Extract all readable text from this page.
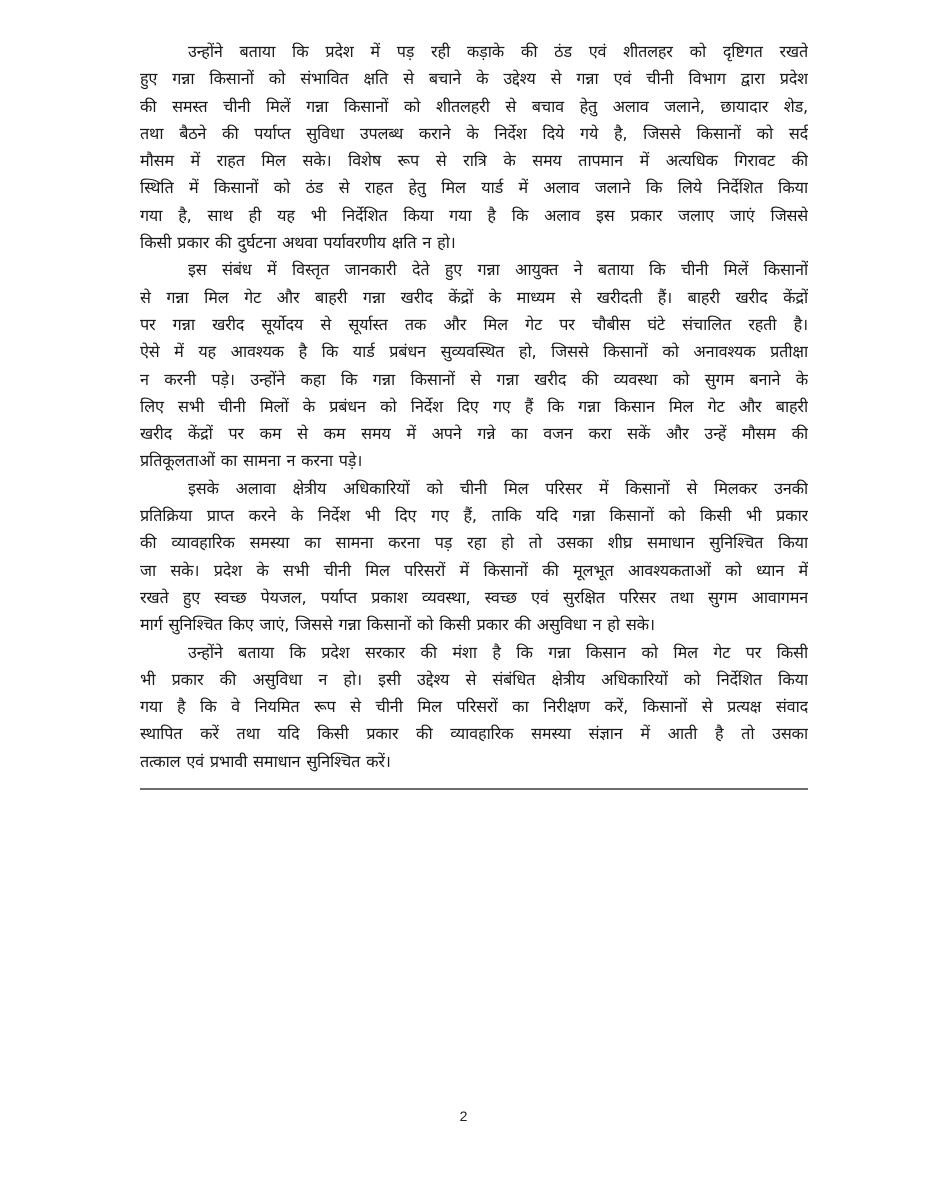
उन्होंने बताया कि प्रदेश में पड़ रही कड़ाके की ठंड एवं शीतलहर को दृष्टिगत रखते
हुए गन्ना किसानों को संभावित क्षति से बचाने के उद्देश्य से गन्ना एवं चीनी विभाग द्वारा प्रदेश
की समस्त चीनी मिलें गन्ना किसानों को शीतलहरी से बचाव हेतु अलाव जलाने, छायादार शेड,
तथा बैठने की पर्याप्त सुविधा उपलब्ध कराने के निर्देश दिये गये है, जिससे किसानों को सर्द
मौसम में राहत मिल सके। विशेष रूप से रात्रि के समय तापमान में अत्यधिक गिरावट की
स्थिति में किसानों को ठंड से राहत हेतु मिल यार्ड में अलाव जलाने कि लिये निर्देशित किया
गया है, साथ ही यह भी निर्देशित किया गया है कि अलाव इस प्रकार जलाए जाएं जिससे
किसी प्रकार की दुर्घटना अथवा पर्यावरणीय क्षति न हो।
इस संबंध में विस्तृत जानकारी देते हुए गन्ना आयुक्त ने बताया कि चीनी मिलें किसानों
से गन्ना मिल गेट और बाहरी गन्ना खरीद केंद्रों के माध्यम से खरीदती हैं। बाहरी खरीद केंद्रों
पर गन्ना खरीद सूर्योदय से सूर्यास्त तक और मिल गेट पर चौबीस घंटे संचालित रहती है।
ऐसे में यह आवश्यक है कि यार्ड प्रबंधन सुव्यवस्थित हो, जिससे किसानों को अनावश्यक प्रतीक्षा
न करनी पड़े। उन्होंने कहा कि गन्ना किसानों से गन्ना खरीद की व्यवस्था को सुगम बनाने के
लिए सभी चीनी मिलों के प्रबंधन को निर्देश दिए गए हैं कि गन्ना किसान मिल गेट और बाहरी
खरीद केंद्रों पर कम से कम समय में अपने गन्ने का वजन करा सकें और उन्हें मौसम की
प्रतिकूलताओं का सामना न करना पड़े।
इसके अलावा क्षेत्रीय अधिकारियों को चीनी मिल परिसर में किसानों से मिलकर उनकी
प्रतिक्रिया प्राप्त करने के निर्देश भी दिए गए हैं, ताकि यदि गन्ना किसानों को किसी भी प्रकार
की व्यावहारिक समस्या का सामना करना पड़ रहा हो तो उसका शीघ्र समाधान सुनिश्चित किया
जा सके। प्रदेश के सभी चीनी मिल परिसरों में किसानों की मूलभूत आवश्यकताओं को ध्यान में
रखते हुए स्वच्छ पेयजल, पर्याप्त प्रकाश व्यवस्था, स्वच्छ एवं सुरक्षित परिसर तथा सुगम आवागमन
मार्ग सुनिश्चित किए जाएं, जिससे गन्ना किसानों को किसी प्रकार की असुविधा न हो सके।
उन्होंने बताया कि प्रदेश सरकार की मंशा है कि गन्ना किसान को मिल गेट पर किसी
भी प्रकार की असुविधा न हो। इसी उद्देश्य से संबंधित क्षेत्रीय अधिकारियों को निर्देशित किया
गया है कि वे नियमित रूप से चीनी मिल परिसरों का निरीक्षण करें, किसानों से प्रत्यक्ष संवाद
स्थापित करें तथा यदि किसी प्रकार की व्यावहारिक समस्या संज्ञान में आती है तो उसका
तत्काल एवं प्रभावी समाधान सुनिश्चित करें।
2
